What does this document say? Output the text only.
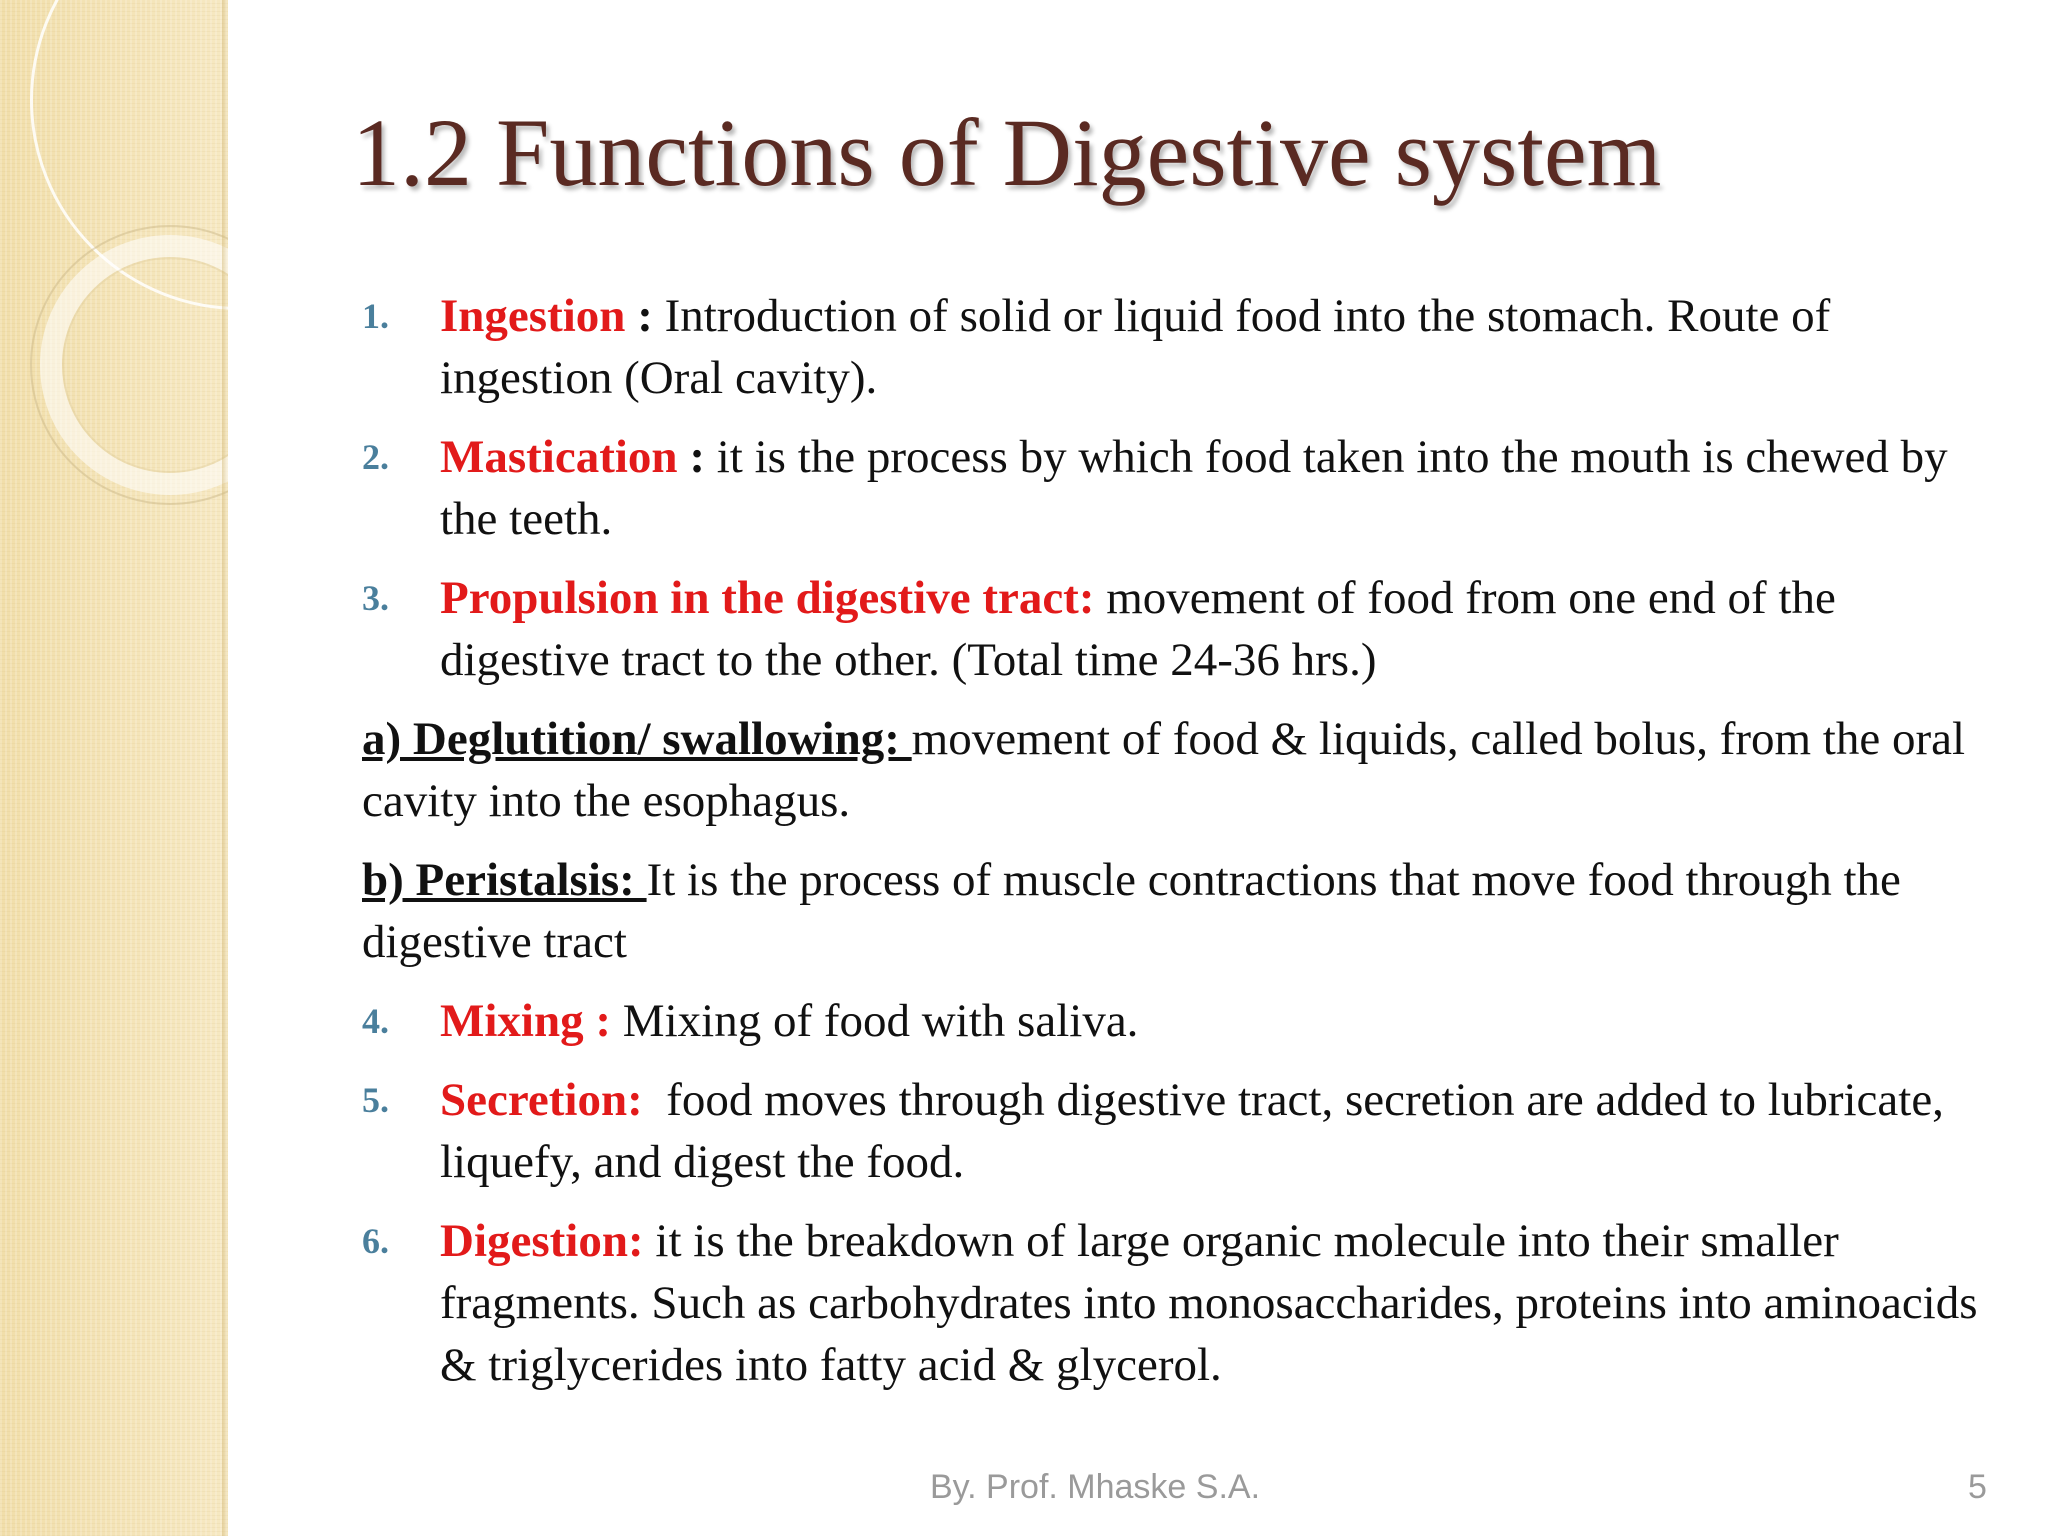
1.2 Functions of Digestive system
1. Ingestion : Introduction of solid or liquid food into the stomach. Route of ingestion (Oral cavity).
2. Mastication : it is the process by which food taken into the mouth is chewed by the teeth.
3. Propulsion in the digestive tract: movement of food from one end of the digestive tract to the other. (Total time 24-36 hrs.)
a) Deglutition/ swallowing: movement of food & liquids, called bolus, from the oral cavity into the esophagus.
b) Peristalsis: It is the process of muscle contractions that move food through the digestive tract
4. Mixing : Mixing of food with saliva.
5. Secretion: food moves through digestive tract, secretion are added to lubricate, liquefy, and digest the food.
6. Digestion: it is the breakdown of large organic molecule into their smaller fragments. Such as carbohydrates into monosaccharides, proteins into aminoacids & triglycerides into fatty acid & glycerol.
By. Prof. Mhaske S.A.	5
